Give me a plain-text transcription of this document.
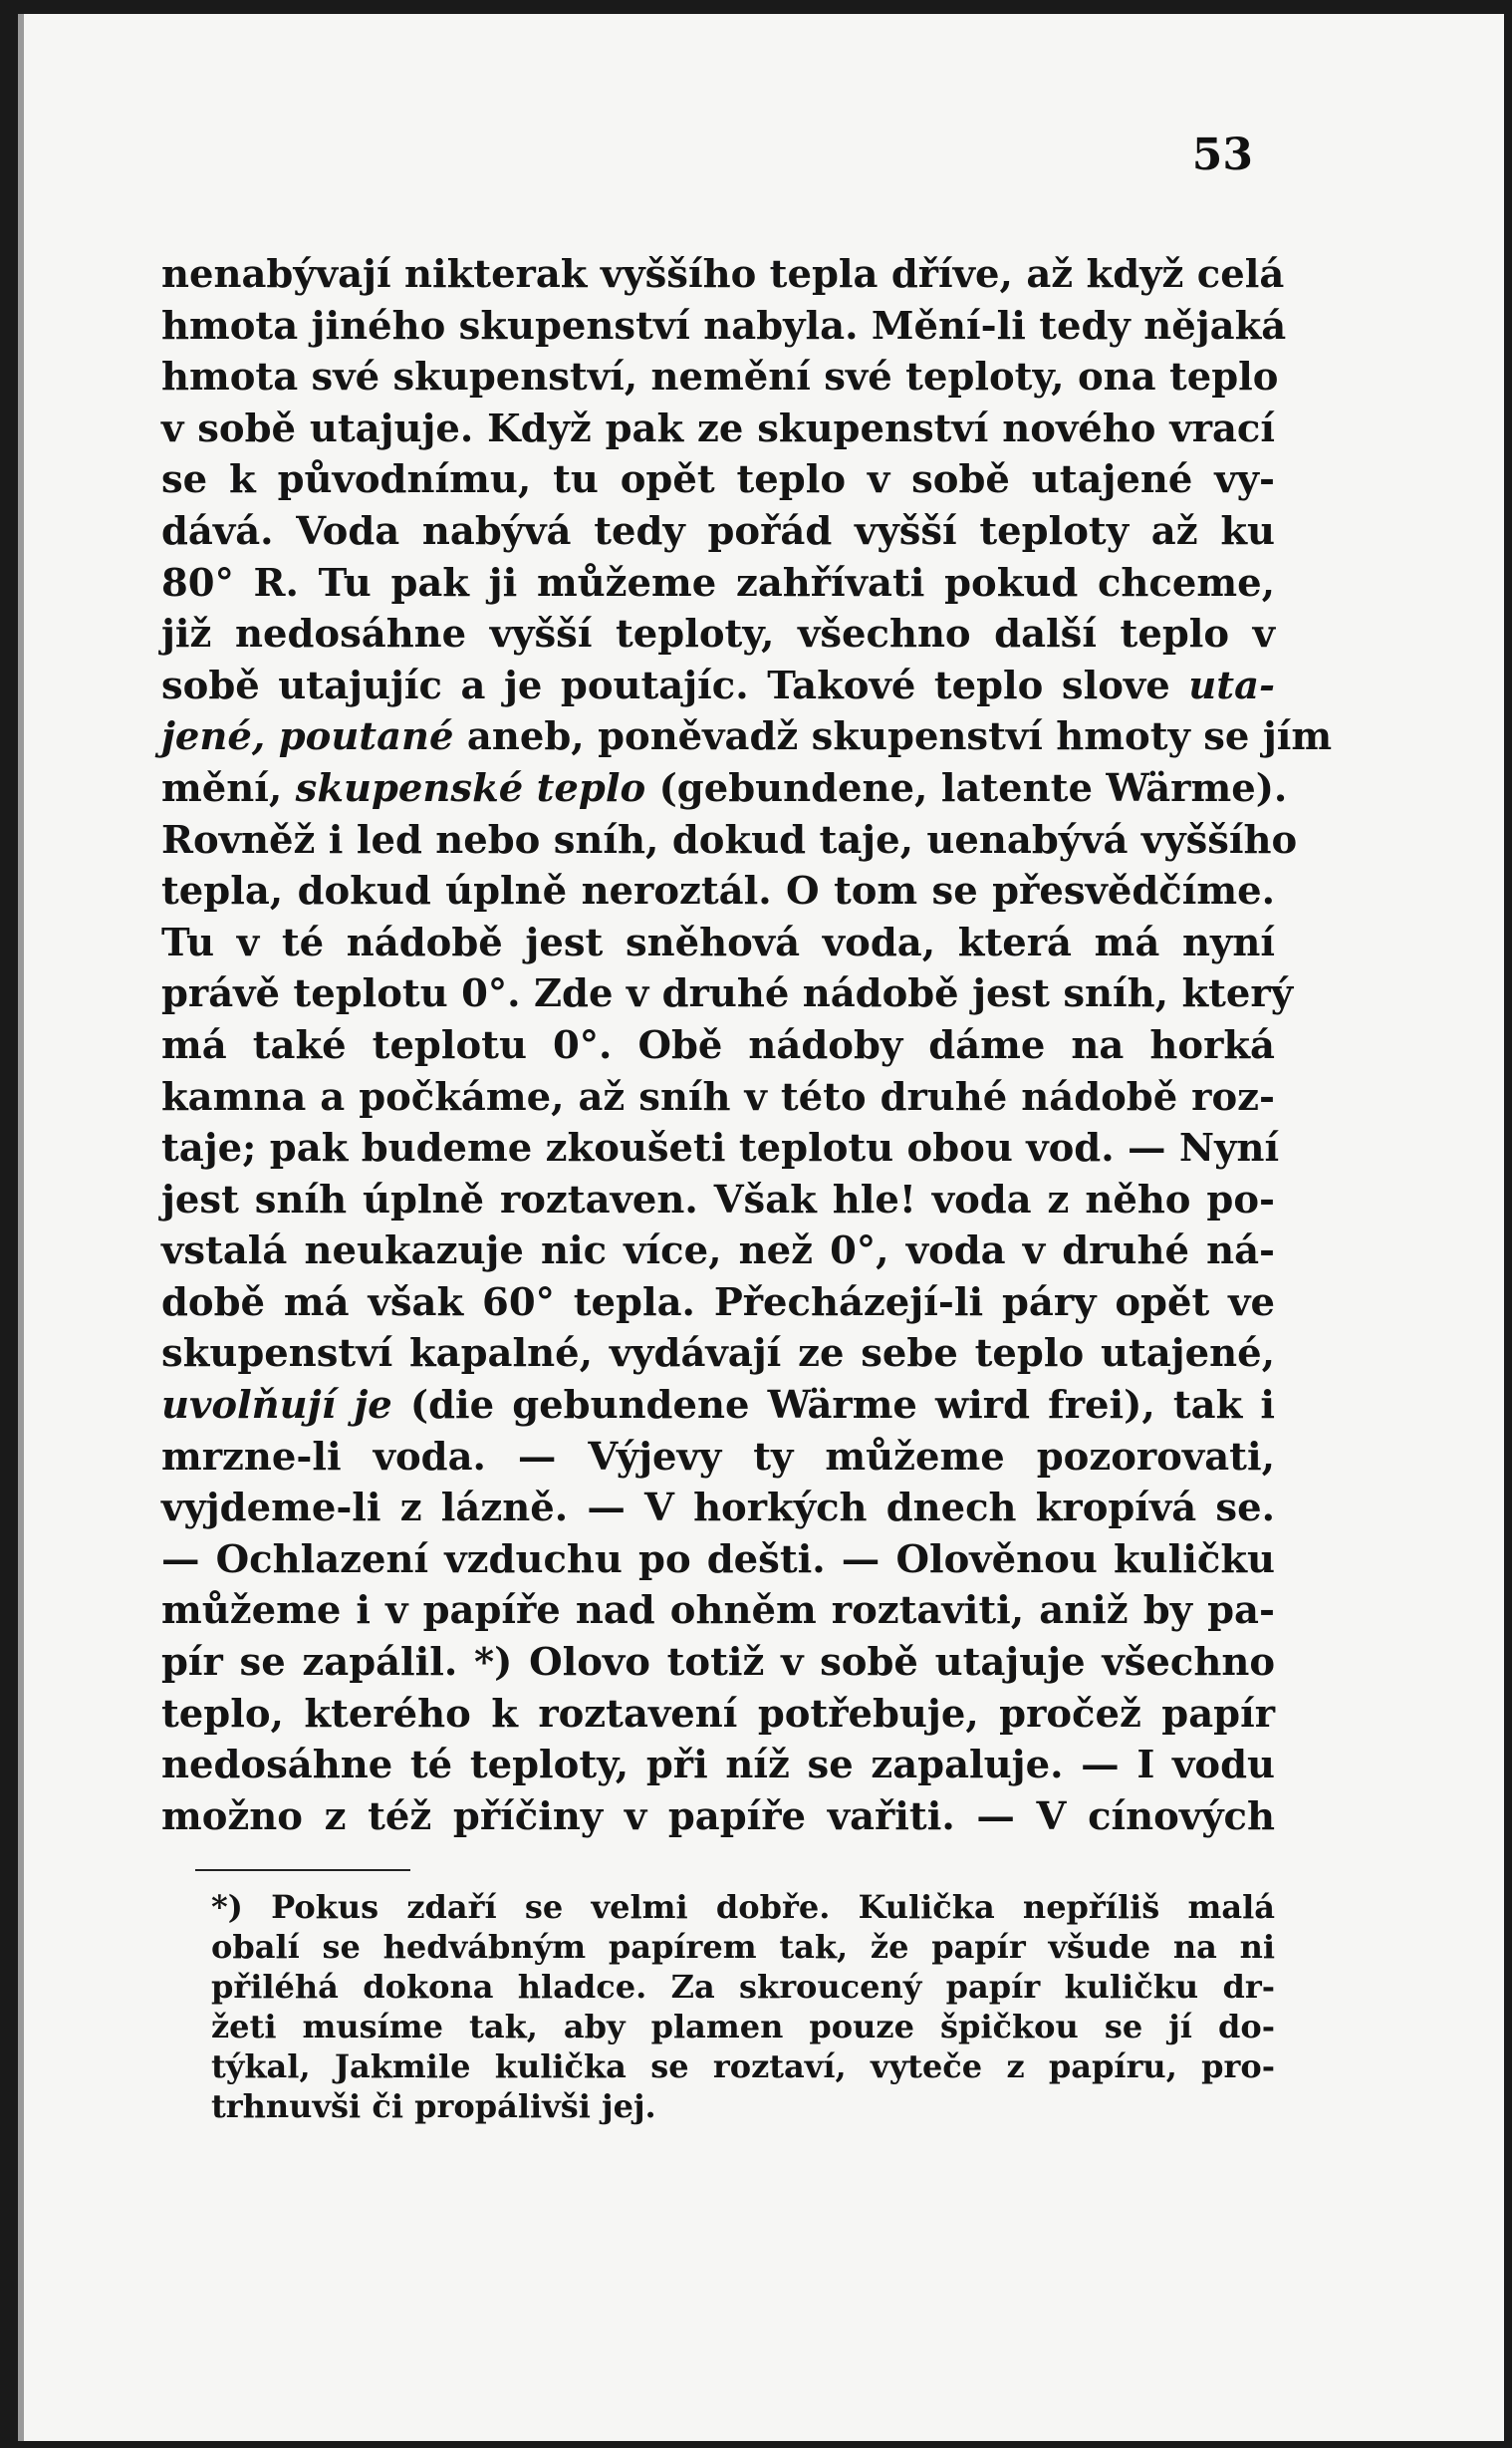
53
nenabývají nikterak vyššího tepla dříve, až když celá
hmota jiného skupenství nabyla. Mění-li tedy nějaká
hmota své skupenství, nemění své teploty, ona teplo
v sobě utajuje. Když pak ze skupenství nového vrací
se k původnímu, tu opět teplo v sobě utajené vy-
dává. Voda nabývá tedy pořád vyšší teploty až ku
80° R. Tu pak ji můžeme zahřívati pokud chceme,
již nedosáhne vyšší teploty, všechno další teplo v
sobě utajujíc a je poutajíc. Takové teplo slove uta-
jené, poutané aneb, poněvadž skupenství hmoty se jím
mění, skupenské teplo (gebundene, latente Wärme).
Rovněž i led nebo sníh, dokud taje, uenabývá vyššího
tepla, dokud úplně neroztál. O tom se přesvědčíme.
Tu v té nádobě jest sněhová voda, která má nyní
právě teplotu 0°. Zde v druhé nádobě jest sníh, který
má také teplotu 0°. Obě nádoby dáme na horká
kamna a počkáme, až sníh v této druhé nádobě roz-
taje; pak budeme zkoušeti teplotu obou vod. — Nyní
jest sníh úplně roztaven. Však hle! voda z něho po-
vstalá neukazuje nic více, než 0°, voda v druhé ná-
době má však 60° tepla. Přecházejí-li páry opět ve
skupenství kapalné, vydávají ze sebe teplo utajené,
uvolňují je (die gebundene Wärme wird frei), tak i
mrzne-li voda. — Výjevy ty můžeme pozorovati,
vyjdeme-li z lázně. — V horkých dnech kropívá se.
— Ochlazení vzduchu po dešti. — Olověnou kuličku
můžeme i v papíře nad ohněm roztaviti, aniž by pa-
pír se zapálil. *) Olovo totiž v sobě utajuje všechno
teplo, kterého k roztavení potřebuje, pročež papír
nedosáhne té teploty, při níž se zapaluje. — I vodu
možno z též příčiny v papíře vařiti. — V cínových
*) Pokus zdaří se velmi dobře. Kulička nepříliš malá
obalí se hedvábným papírem tak, že papír všude na ni
přiléhá dokona hladce. Za skroucený papír kuličku dr-
žeti musíme tak, aby plamen pouze špičkou se jí do-
týkal, Jakmile kulička se roztaví, vyteče z papíru, pro-
trhnuvši či propálivši jej.
